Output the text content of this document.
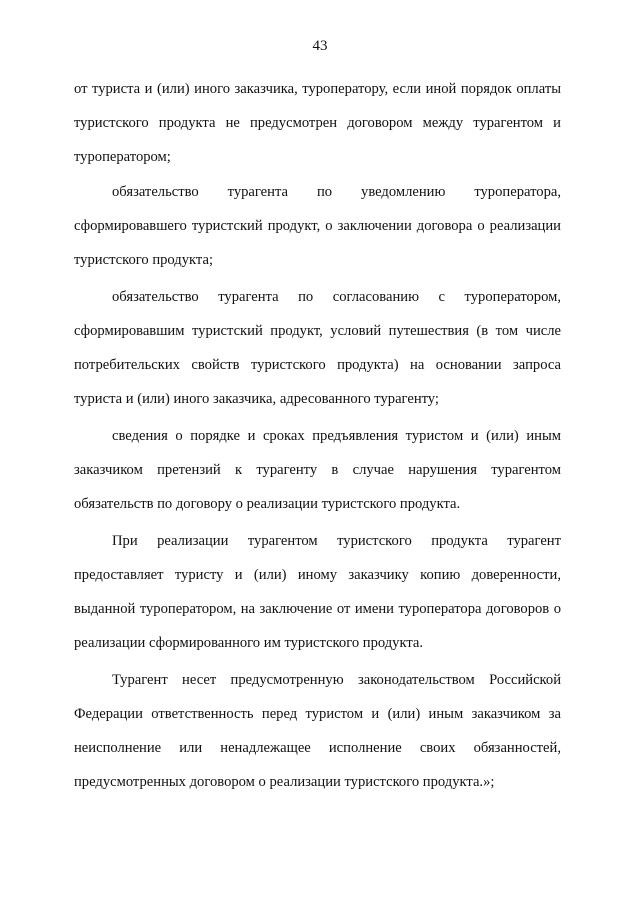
43

от туриста и (или) иного заказчика, туроператору, если иной порядок оплаты туристского продукта не предусмотрен договором между турагентом и туроператором;

обязательство турагента по уведомлению туроператора, сформировавшего туристский продукт, о заключении договора о реализации туристского продукта;

обязательство турагента по согласованию с туроператором, сформировавшим туристский продукт, условий путешествия (в том числе потребительских свойств туристского продукта) на основании запроса туриста и (или) иного заказчика, адресованного турагенту;

сведения о порядке и сроках предъявления туристом и (или) иным заказчиком претензий к турагенту в случае нарушения турагентом обязательств по договору о реализации туристского продукта.

При реализации турагентом туристского продукта турагент предоставляет туристу и (или) иному заказчику копию доверенности, выданной туроператором, на заключение от имени туроператора договоров о реализации сформированного им туристского продукта.

Турагент несет предусмотренную законодательством Российской Федерации ответственность перед туристом и (или) иным заказчиком за неисполнение или ненадлежащее исполнение своих обязанностей, предусмотренных договором о реализации туристского продукта.»;
